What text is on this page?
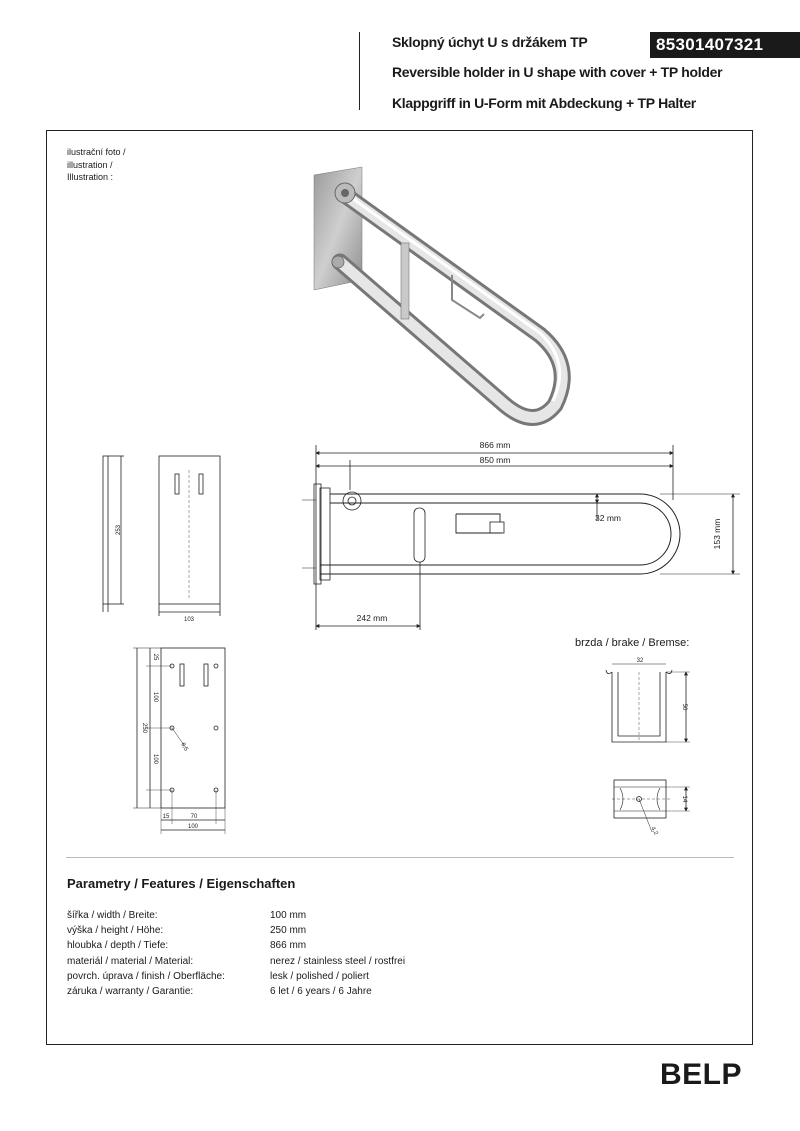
Sklopný úchyt U s držákem TP
Reversible holder in U shape with cover + TP holder
Klappgriff in U-Form mit Abdeckung + TP Halter
85301407321
ilustrační foto /
illustration /
Illustration :
253
103
866 mm
850 mm
32 mm
153 mm
242 mm
250
100
100
25
6,5
15	70
100
32
50
14
4,2
brzda / brake / Bremse:
Parametry / Features / Eigenschaften
šířka / width / Breite:	100 mm
výška / height / Höhe:	250 mm
hloubka / depth / Tiefe:	866 mm
materiál / material / Material:	nerez / stainless steel / rostfrei
povrch. úprava / finish / Oberfläche:	lesk / polished / poliert
záruka / warranty / Garantie:	6 let / 6 years / 6 Jahre
BELP
